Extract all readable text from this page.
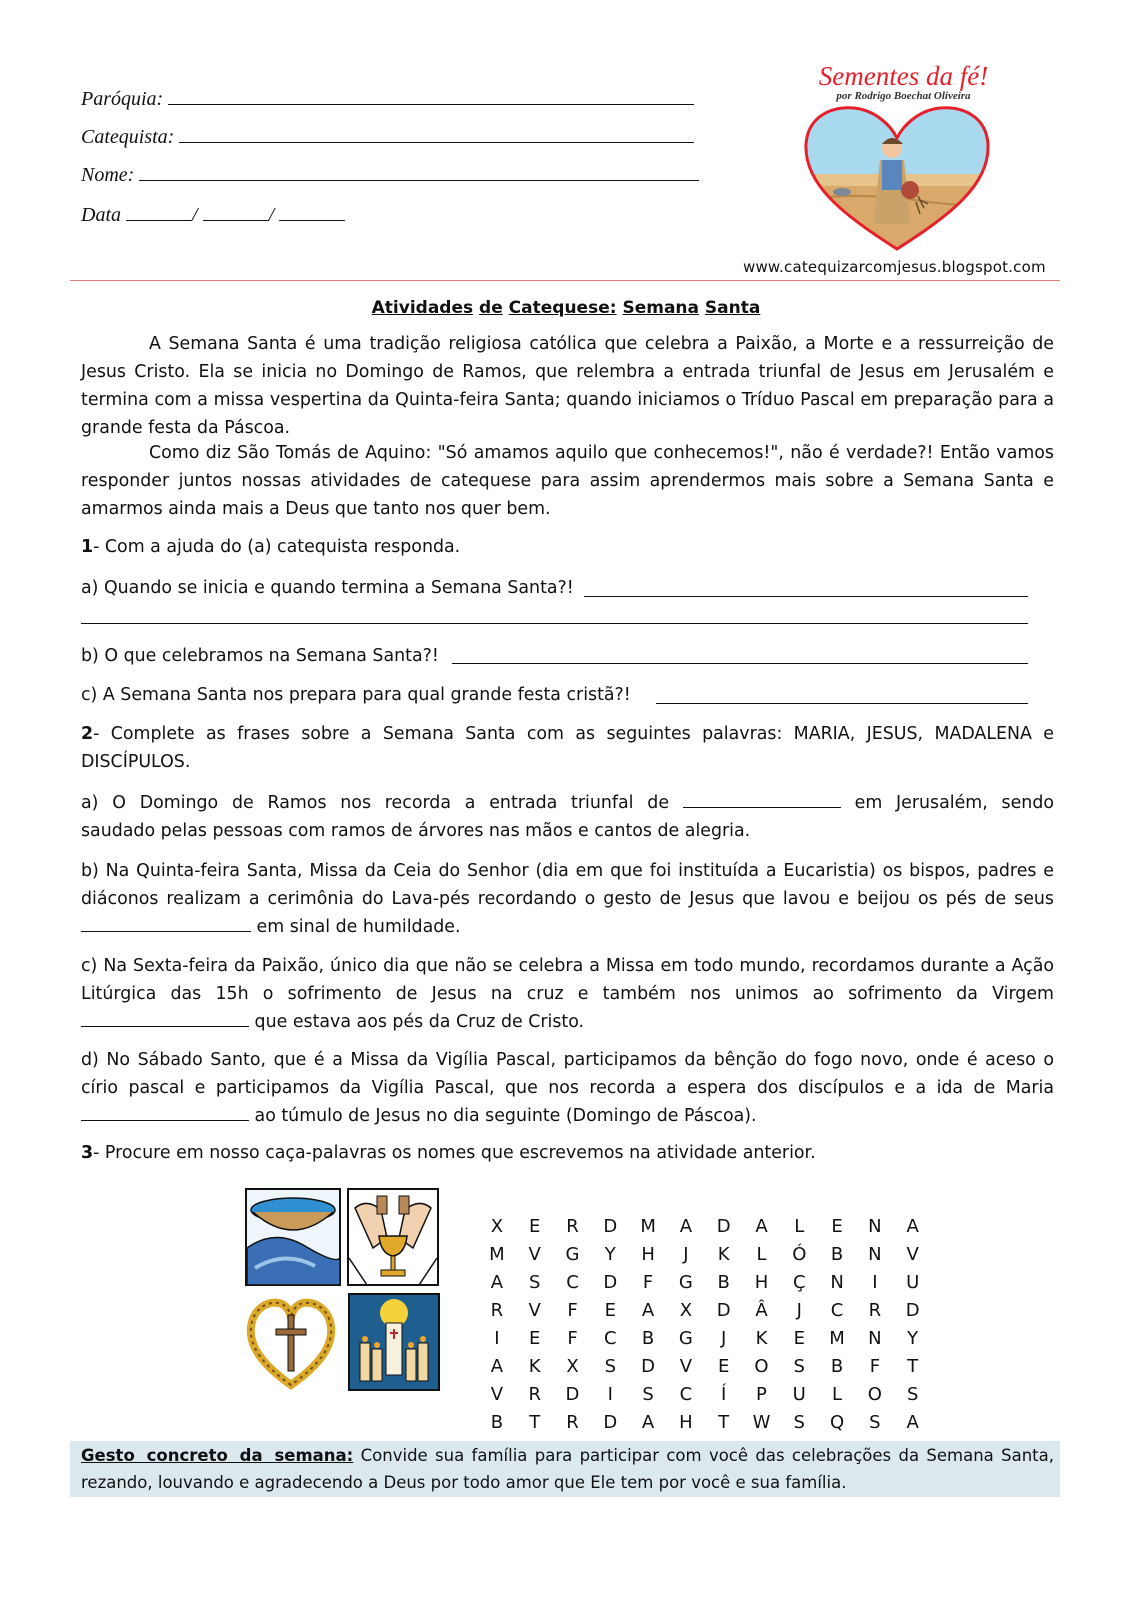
Paróquia:
Catequista:
Nome:
Data	/	/
Sementes da fé!
por Rodrigo Boechat Oliveira
www.catequizarcomjesus.blogspot.com
Atividades de Catequese: Semana Santa
A Semana Santa é uma tradição religiosa católica que celebra a Paixão, a Morte e a ressurreição de Jesus Cristo. Ela se inicia no Domingo de Ramos, que relembra a entrada triunfal de Jesus em Jerusalém e termina com a missa vespertina da Quinta-feira Santa; quando iniciamos o Tríduo Pascal em preparação para a grande festa da Páscoa.
Como diz São Tomás de Aquino: "Só amamos aquilo que conhecemos!", não é verdade?! Então vamos responder juntos nossas atividades de catequese para assim aprendermos mais sobre a Semana Santa e amarmos ainda mais a Deus que tanto nos quer bem.
1- Com a ajuda do (a) catequista responda.
a) Quando se inicia e quando termina a Semana Santa?!
b) O que celebramos na Semana Santa?!
c) A Semana Santa nos prepara para qual grande festa cristã?!
2- Complete as frases sobre a Semana Santa com as seguintes palavras: MARIA, JESUS, MADALENA e DISCÍPULOS.
a) O Domingo de Ramos nos recorda a entrada triunfal de	em Jerusalém, sendo
saudado pelas pessoas com ramos de árvores nas mãos e cantos de alegria.
b) Na Quinta-feira Santa, Missa da Ceia do Senhor (dia em que foi instituída a Eucaristia) os bispos, padres e diáconos realizam a cerimônia do Lava-pés recordando o gesto de Jesus que lavou e beijou os pés de seus  em sinal de humildade.
c) Na Sexta-feira da Paixão, único dia que não se celebra a Missa em todo mundo, recordamos durante a Ação Litúrgica das 15h o sofrimento de Jesus na cruz e também nos unimos ao sofrimento da Virgem  que estava aos pés da Cruz de Cristo.
d) No Sábado Santo, que é a Missa da Vigília Pascal, participamos da bênção do fogo novo, onde é aceso o círio pascal e participamos da Vigília Pascal, que nos recorda a espera dos discípulos e a ida de Maria  ao túmulo de Jesus no dia seguinte (Domingo de Páscoa).
3- Procure em nosso caça-palavras os nomes que escrevemos na atividade anterior.
X	E	R	D	M	A	D	A	L	E	N	A
M	V	G	Y	H	J	K	L	Ó	B	N	V
A	S	C	D	F	G	B	H	Ç	N	I	U
R	V	F	E	A	X	D	Â	J	C	R	D
I	E	F	C	B	G	J	K	E	M	N	Y
A	K	X	S	D	V	E	O	S	B	F	T
V	R	D	I	S	C	Í	P	U	L	O	S
B	T	R	D	A	H	T	W	S	Q	S	A
Gesto concreto da semana: Convide sua família para participar com você das celebrações da Semana Santa, rezando, louvando e agradecendo a Deus por todo amor que Ele tem por você e sua família.
